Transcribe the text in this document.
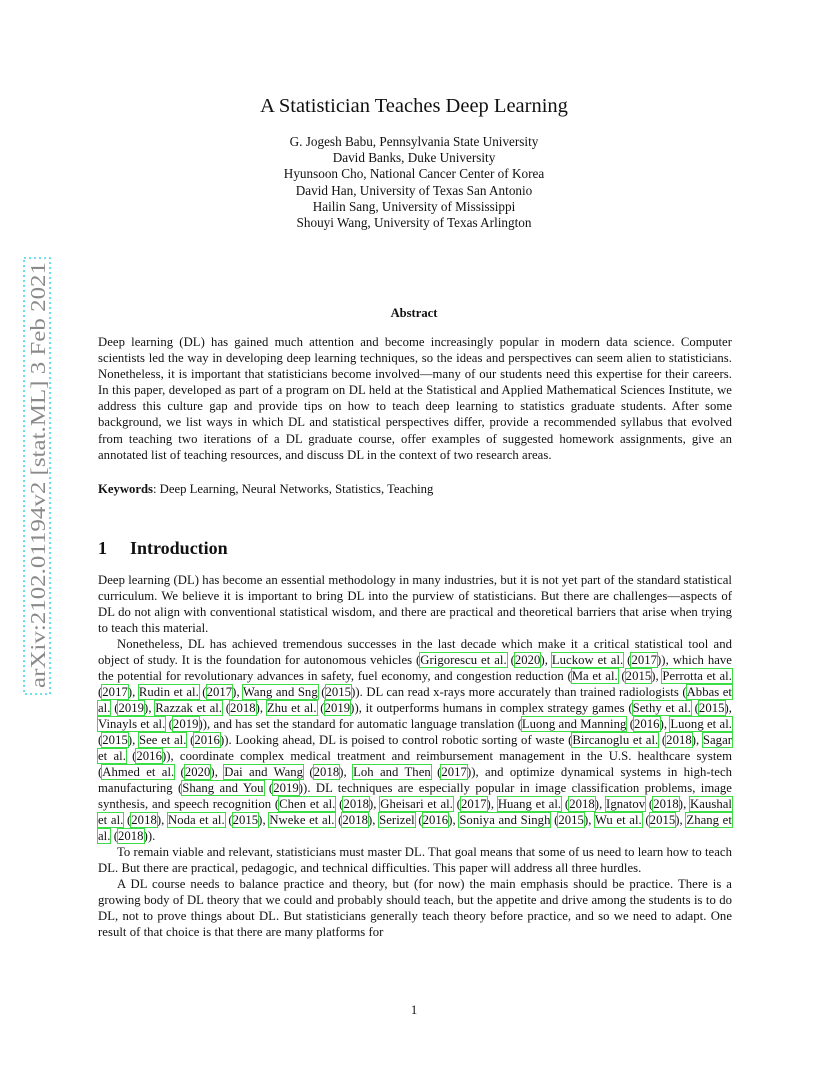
arXiv:2102.01194v2 [stat.ML] 3 Feb 2021
A Statistician Teaches Deep Learning
G. Jogesh Babu, Pennsylvania State University
David Banks, Duke University
Hyunsoon Cho, National Cancer Center of Korea
David Han, University of Texas San Antonio
Hailin Sang, University of Mississippi
Shouyi Wang, University of Texas Arlington
Abstract
Deep learning (DL) has gained much attention and become increasingly popular in modern data science. Computer scientists led the way in developing deep learning techniques, so the ideas and perspectives can seem alien to statisticians. Nonetheless, it is important that statisticians become involved—many of our students need this expertise for their careers. In this paper, developed as part of a program on DL held at the Statistical and Applied Mathematical Sciences Institute, we address this culture gap and provide tips on how to teach deep learning to statistics graduate students. After some background, we list ways in which DL and statistical perspectives differ, provide a recommended syllabus that evolved from teaching two iterations of a DL graduate course, offer examples of suggested homework assignments, give an annotated list of teaching resources, and discuss DL in the context of two research areas.
Keywords: Deep Learning, Neural Networks, Statistics, Teaching
1 Introduction

Deep learning (DL) has become an essential methodology in many industries, but it is not yet part of the standard statistical curriculum. We believe it is important to bring DL into the purview of statisticians. But there are challenges—aspects of DL do not align with conventional statistical wisdom, and there are practical and theoretical barriers that arise when trying to teach this material.

Nonetheless, DL has achieved tremendous successes in the last decade which make it a critical statistical tool and object of study. It is the foundation for autonomous vehicles (Grigorescu et al. (2020), Luckow et al. (2017)), which have the potential for revolutionary advances in safety, fuel economy, and congestion reduction (Ma et al. (2015), Perrotta et al. (2017), Rudin et al. (2017), Wang and Sng (2015)). DL can read x-rays more accurately than trained radiologists (Abbas et al. (2019), Razzak et al. (2018), Zhu et al. (2019)), it outperforms humans in complex strategy games (Sethy et al. (2015), Vinayls et al. (2019)), and has set the standard for automatic language translation (Luong and Manning (2016), Luong et al. (2015), See et al. (2016)). Looking ahead, DL is poised to control robotic sorting of waste (Bircanoglu et al. (2018), Sagar et al. (2016)), coordinate complex medical treatment and reimbursement management in the U.S. healthcare system (Ahmed et al. (2020), Dai and Wang (2018), Loh and Then (2017)), and optimize dynamical systems in high-tech manufacturing (Shang and You (2019)). DL techniques are especially popular in image classification problems, image synthesis, and speech recognition (Chen et al. (2018), Gheisari et al. (2017), Huang et al. (2018), Ignatov (2018), Kaushal et al. (2018), Noda et al. (2015), Nweke et al. (2018), Serizel (2016), Soniya and Singh (2015), Wu et al. (2015), Zhang et al. (2018)).

To remain viable and relevant, statisticians must master DL. That goal means that some of us need to learn how to teach DL. But there are practical, pedagogic, and technical difficulties. This paper will address all three hurdles.

A DL course needs to balance practice and theory, but (for now) the main emphasis should be practice. There is a growing body of DL theory that we could and probably should teach, but the appetite and drive among the students is to do DL, not to prove things about DL. But statisticians generally teach theory before practice, and so we need to adapt. One result of that choice is that there are many platforms for

1
